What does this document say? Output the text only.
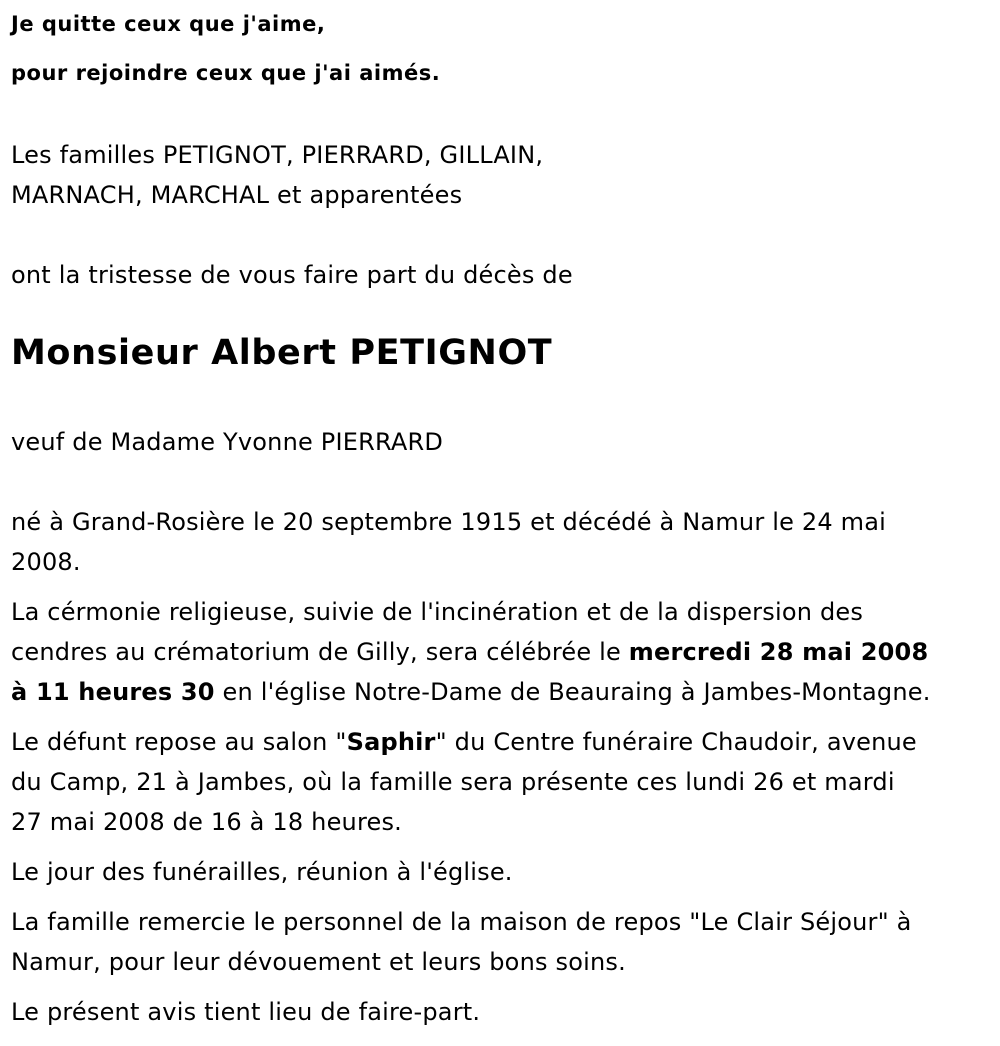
Je quitte ceux que j'aime,

pour rejoindre ceux que j'ai aimés.

Les familles PETIGNOT, PIERRARD, GILLAIN,

MARNACH, MARCHAL et apparentées

ont la tristesse de vous faire part du décès de

Monsieur Albert PETIGNOT

veuf de Madame Yvonne PIERRARD

né à Grand-Rosière le 20 septembre 1915 et décédé à Namur le 24 mai

2008.

La cérmonie religieuse, suivie de l'incinération et de la dispersion des

cendres au crématorium de Gilly, sera célébrée le mercredi 28 mai 2008

à 11 heures 30 en l'église Notre-Dame de Beauraing à Jambes-Montagne.

Le défunt repose au salon "Saphir" du Centre funéraire Chaudoir, avenue

du Camp, 21 à Jambes, où la famille sera présente ces lundi 26 et mardi

27 mai 2008 de 16 à 18 heures.

Le jour des funérailles, réunion à l'église.

La famille remercie le personnel de la maison de repos "Le Clair Séjour" à

Namur, pour leur dévouement et leurs bons soins.

Le présent avis tient lieu de faire-part.
